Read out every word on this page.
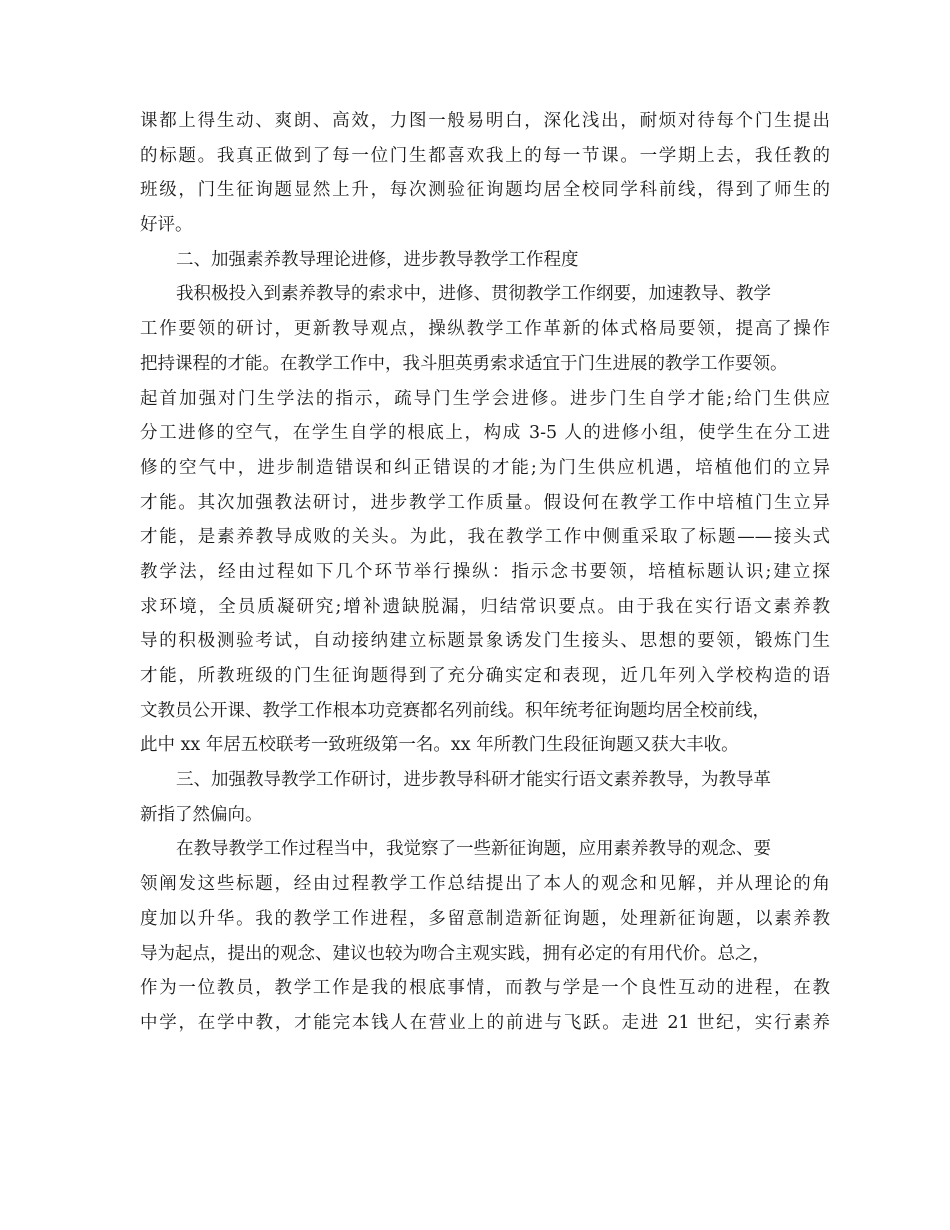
课都上得生动、爽朗、高效，力图一般易明白，深化浅出，耐烦对待每个门生提出
的标题。我真正做到了每一位门生都喜欢我上的每一节课。一学期上去，我任教的
班级，门生征询题显然上升，每次测验征询题均居全校同学科前线，得到了师生的
好评。
二、加强素养教导理论进修，进步教导教学工作程度
我积极投入到素养教导的索求中，进修、贯彻教学工作纲要，加速教导、教学
工作要领的研讨，更新教导观点，操纵教学工作革新的体式格局要领，提高了操作
把持课程的才能。在教学工作中，我斗胆英勇索求适宜于门生进展的教学工作要领。
起首加强对门生学法的指示，疏导门生学会进修。进步门生自学才能;给门生供应
分工进修的空气，在学生自学的根底上，构成 3-5 人的进修小组，使学生在分工进
修的空气中，进步制造错误和纠正错误的才能;为门生供应机遇，培植他们的立异
才能。其次加强教法研讨，进步教学工作质量。假设何在教学工作中培植门生立异
才能，是素养教导成败的关头。为此，我在教学工作中侧重采取了标题——接头式
教学法，经由过程如下几个环节举行操纵：指示念书要领，培植标题认识;建立探
求环境，全员质凝研究;增补遗缺脱漏，归结常识要点。由于我在实行语文素养教
导的积极测验考试，自动接纳建立标题景象诱发门生接头、思想的要领，锻炼门生
才能，所教班级的门生征询题得到了充分确实定和表现，近几年列入学校构造的语
文教员公开课、教学工作根本功竞赛都名列前线。积年统考征询题均居全校前线，
此中 xx 年居五校联考一致班级第一名。xx 年所教门生段征询题又获大丰收。
三、加强教导教学工作研讨，进步教导科研才能实行语文素养教导，为教导革
新指了然偏向。
在教导教学工作过程当中，我觉察了一些新征询题，应用素养教导的观念、要
领阐发这些标题，经由过程教学工作总结提出了本人的观念和见解，并从理论的角
度加以升华。我的教学工作进程，多留意制造新征询题，处理新征询题，以素养教
导为起点，提出的观念、建议也较为吻合主观实践，拥有必定的有用代价。总之，
作为一位教员，教学工作是我的根底事情，而教与学是一个良性互动的进程，在教
中学，在学中教，才能完本钱人在营业上的前进与飞跃。走进 21 世纪，实行素养
